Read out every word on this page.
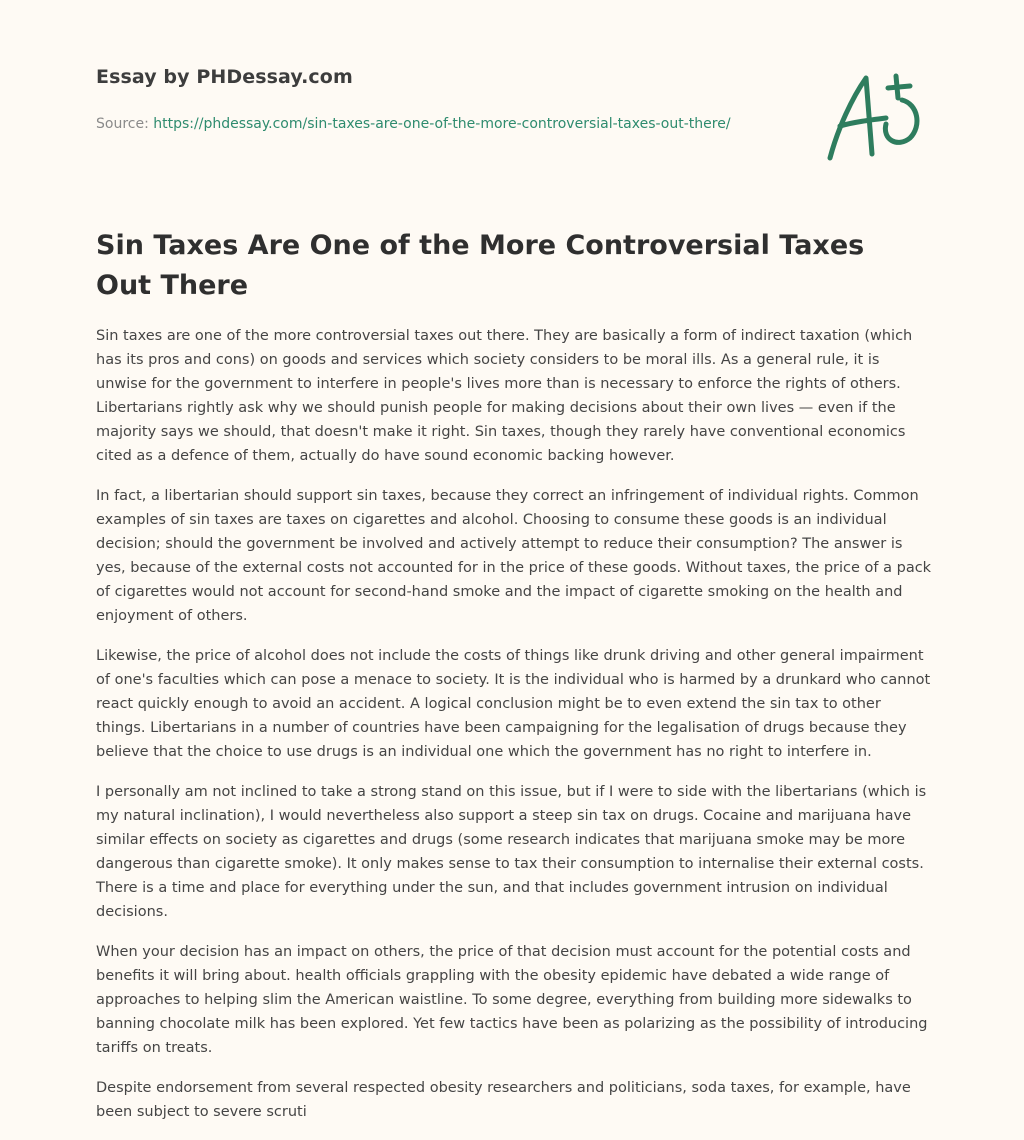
Essay by PHDessay.com
Source: https://phdessay.com/sin-taxes-are-one-of-the-more-controversial-taxes-out-there/
Sin Taxes Are One of the More Controversial Taxes Out There

Sin taxes are one of the more controversial taxes out there. They are basically a form of indirect taxation (which has its pros and cons) on goods and services which society considers to be moral ills. As a general rule, it is unwise for the government to interfere in people's lives more than is necessary to enforce the rights of others. Libertarians rightly ask why we should punish people for making decisions about their own lives — even if the majority says we should, that doesn't make it right. Sin taxes, though they rarely have conventional economics cited as a defence of them, actually do have sound economic backing however.

In fact, a libertarian should support sin taxes, because they correct an infringement of individual rights. Common examples of sin taxes are taxes on cigarettes and alcohol. Choosing to consume these goods is an individual decision; should the government be involved and actively attempt to reduce their consumption? The answer is yes, because of the external costs not accounted for in the price of these goods. Without taxes, the price of a pack of cigarettes would not account for second-hand smoke and the impact of cigarette smoking on the health and enjoyment of others.

Likewise, the price of alcohol does not include the costs of things like drunk driving and other general impairment of one's faculties which can pose a menace to society. It is the individual who is harmed by a drunkard who cannot react quickly enough to avoid an accident. A logical conclusion might be to even extend the sin tax to other things. Libertarians in a number of countries have been campaigning for the legalisation of drugs because they believe that the choice to use drugs is an individual one which the government has no right to interfere in.

I personally am not inclined to take a strong stand on this issue, but if I were to side with the libertarians (which is my natural inclination), I would nevertheless also support a steep sin tax on drugs. Cocaine and marijuana have similar effects on society as cigarettes and drugs (some research indicates that marijuana smoke may be more dangerous than cigarette smoke). It only makes sense to tax their consumption to internalise their external costs. There is a time and place for everything under the sun, and that includes government intrusion on individual decisions.

When your decision has an impact on others, the price of that decision must account for the potential costs and benefits it will bring about. health officials grappling with the obesity epidemic have debated a wide range of approaches to helping slim the American waistline. To some degree, everything from building more sidewalks to banning chocolate milk has been explored. Yet few tactics have been as polarizing as the possibility of introducing tariffs on treats.

Despite endorsement from several respected obesity researchers and politicians, soda taxes, for example, have been subject to severe scruti
